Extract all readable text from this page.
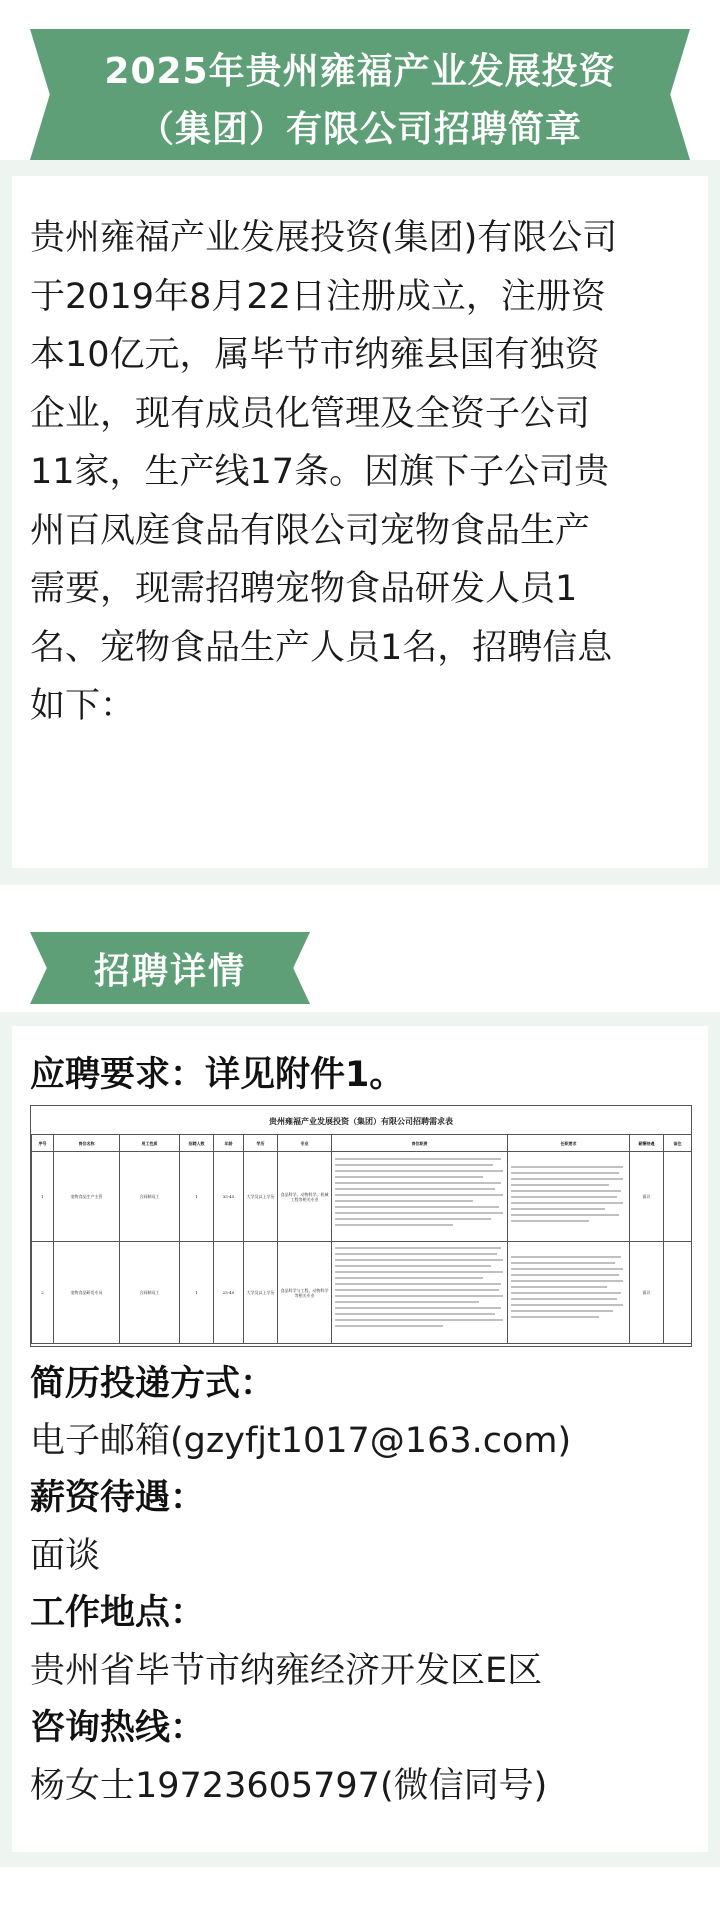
2025年贵州雍福产业发展投资
（集团）有限公司招聘简章
贵州雍福产业发展投资(集团)有限公司
于2019年8月22日注册成立，注册资
本10亿元，属毕节市纳雍县国有独资
企业，现有成员化管理及全资子公司
11家，生产线17条。因旗下子公司贵
州百凤庭食品有限公司宠物食品生产
需要，现需招聘宠物食品研发人员1
名、宠物食品生产人员1名，招聘信息
如下：
招聘详情
应聘要求：详见附件1。
贵州雍福产业发展投资（集团）有限公司招聘需求表
序号	岗位名称	用工性质	招聘人数	年龄	学历	专业	岗位职责	任职要求	薪酬待遇	备注
1	宠物食品生产主管	合同制员工	1	35-45	大学及以上学历	食品科学、动物科学、机械工程等相关专业			面议	
2	宠物食品研发专员	合同制员工	1	25-40	大学及以上学历	食品科学与工程、动物科学等相关专业			面议	
简历投递方式：
电子邮箱(gzyfjt1017@163.com)
薪资待遇：
面谈
工作地点：
贵州省毕节市纳雍经济开发区E区
咨询热线：
杨女士19723605797(微信同号)
